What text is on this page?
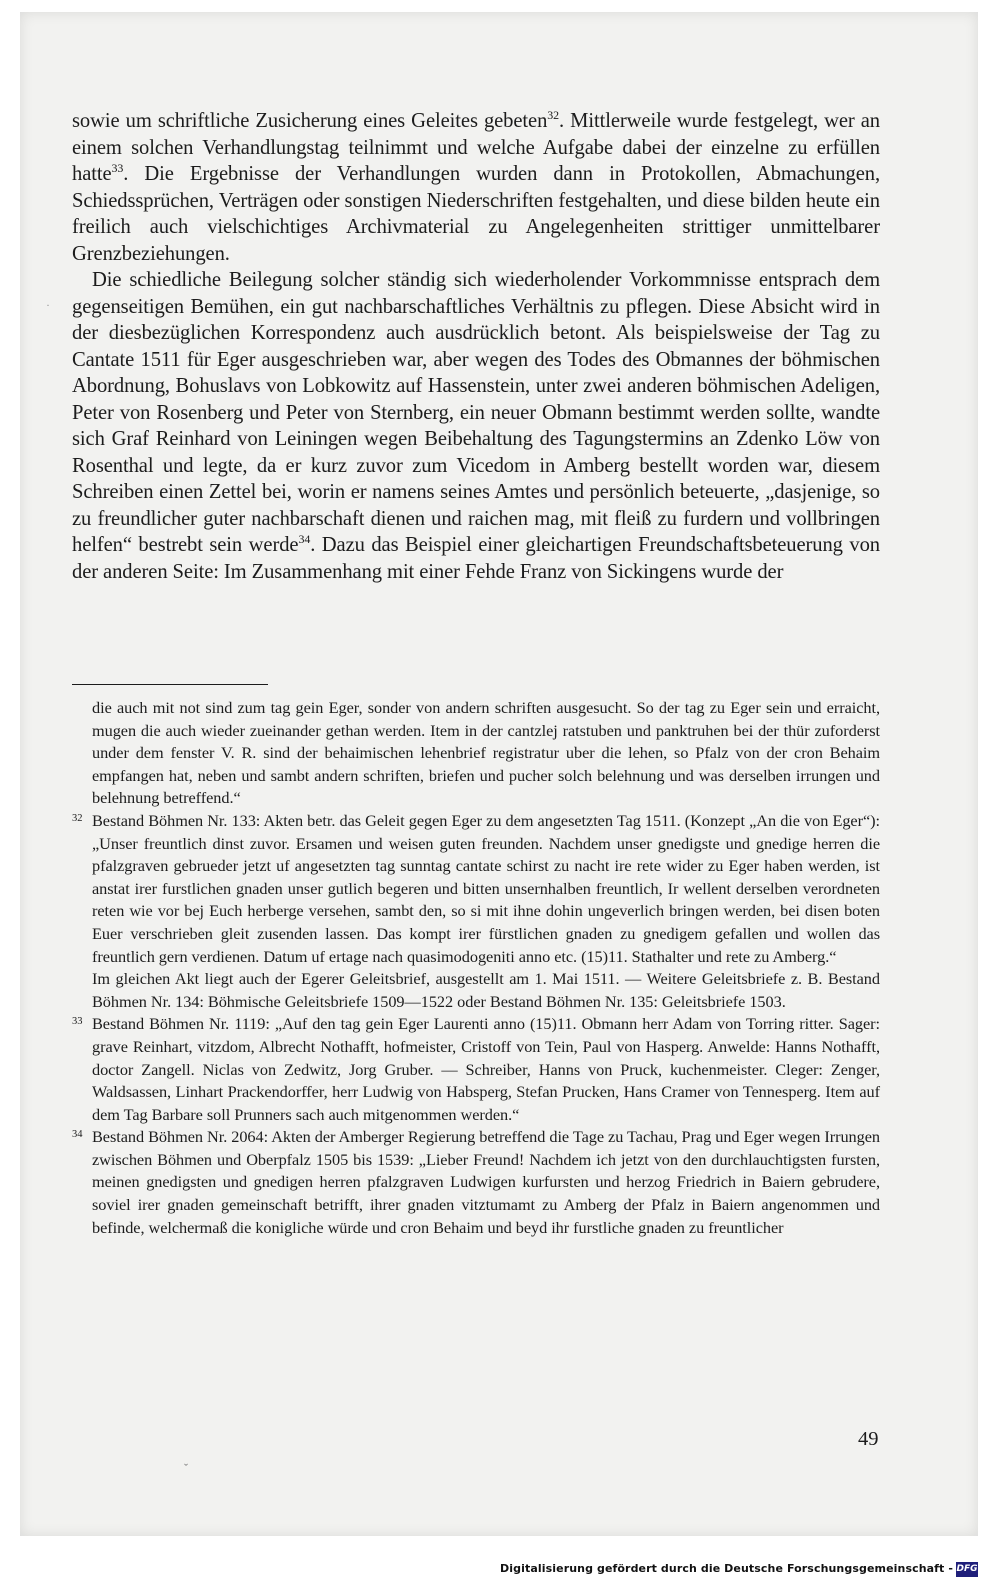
·

sowie um schriftliche Zusicherung eines Geleites gebeten$^{32}$. Mittlerweile wurde festgelegt, wer an einem solchen Verhandlungstag teilnimmt und welche Aufgabe dabei der einzelne zu erfüllen hatte$^{33}$. Die Ergebnisse der Verhandlungen wurden dann in Protokollen, Abmachungen, Schiedssprüchen, Verträgen oder sonstigen Niederschriften festgehalten, und diese bilden heute ein freilich auch vielschichtiges Archivmaterial zu Angelegenheiten strittiger unmittelbarer Grenzbeziehungen.

Die schiedliche Beilegung solcher ständig sich wiederholender Vorkommnisse entsprach dem gegenseitigen Bemühen, ein gut nachbarschaftliches Verhältnis zu pflegen. Diese Absicht wird in der diesbezüglichen Korrespondenz auch ausdrücklich betont. Als beispielsweise der Tag zu Cantate 1511 für Eger ausgeschrieben war, aber wegen des Todes des Obmannes der böhmischen Abordnung, Bohuslavs von Lobkowitz auf Hassenstein, unter zwei anderen böhmischen Adeligen, Peter von Rosenberg und Peter von Sternberg, ein neuer Obmann bestimmt werden sollte, wandte sich Graf Reinhard von Leiningen wegen Beibehaltung des Tagungstermins an Zdenko Löw von Rosenthal und legte, da er kurz zuvor zum Vicedom in Amberg bestellt worden war, diesem Schreiben einen Zettel bei, worin er namens seines Amtes und persönlich beteuerte, „dasjenige, so zu freundlicher guter nachbarschaft dienen und raichen mag, mit fleiß zu furdern und vollbringen helfen“ bestrebt sein werde$^{34}$. Dazu das Beispiel einer gleichartigen Freundschaftsbeteuerung von der anderen Seite: Im Zusammenhang mit einer Fehde Franz von Sickingens wurde der

die auch mit not sind zum tag gein Eger, sonder von andern schriften ausgesucht. So der tag zu Eger sein und erraicht, mugen die auch wieder zueinander gethan werden. Item in der cantzlej ratstuben und panktruhen bei der thür zuforderst under dem fenster V. R. sind der behaimischen lehenbrief registratur uber die lehen, so Pfalz von der cron Behaim empfangen hat, neben und sambt andern schriften, briefen und pucher solch belehnung und was derselben irrungen und belehnung betreffend.“

32 Bestand Böhmen Nr. 133: Akten betr. das Geleit gegen Eger zu dem angesetzten Tag 1511. (Konzept „An die von Eger“): „Unser freuntlich dinst zuvor. Ersamen und weisen guten freunden. Nachdem unser gnedigste und gnedige herren die pfalzgraven gebrueder jetzt uf angesetzten tag sunntag cantate schirst zu nacht ire rete wider zu Eger haben werden, ist anstat irer furstlichen gnaden unser gutlich begeren und bitten unsernhalben freuntlich, Ir wellent derselben verordneten reten wie vor bej Euch herberge versehen, sambt den, so si mit ihne dohin ungeverlich bringen werden, bei disen boten Euer verschrieben gleit zusenden lassen. Das kompt irer fürstlichen gnaden zu gnedigem gefallen und wollen das freuntlich gern verdienen. Datum uf ertage nach quasimodogeniti anno etc. (15)11. Stathalter und rete zu Amberg.“

Im gleichen Akt liegt auch der Egerer Geleitsbrief, ausgestellt am 1. Mai 1511. — Weitere Geleitsbriefe z. B. Bestand Böhmen Nr. 134: Böhmische Geleitsbriefe 1509—1522 oder Bestand Böhmen Nr. 135: Geleitsbriefe 1503.

33 Bestand Böhmen Nr. 1119: „Auf den tag gein Eger Laurenti anno (15)11. Obmann herr Adam von Torring ritter. Sager: grave Reinhart, vitzdom, Albrecht Nothafft, hofmeister, Cristoff von Tein, Paul von Hasperg. Anwelde: Hanns Nothafft, doctor Zangell. Niclas von Zedwitz, Jorg Gruber. — Schreiber, Hanns von Pruck, kuchenmeister. Cleger: Zenger, Waldsassen, Linhart Prackendorffer, herr Ludwig von Habsperg, Stefan Prucken, Hans Cramer von Tennesperg. Item auf dem Tag Barbare soll Prunners sach auch mitgenommen werden.“

34 Bestand Böhmen Nr. 2064: Akten der Amberger Regierung betreffend die Tage zu Tachau, Prag und Eger wegen Irrungen zwischen Böhmen und Oberpfalz 1505 bis 1539: „Lieber Freund! Nachdem ich jetzt von den durchlauchtigsten fursten, meinen gnedigsten und gnedigen herren pfalzgraven Ludwigen kurfursten und herzog Friedrich in Baiern gebrudere, soviel irer gnaden gemeinschaft betrifft, ihrer gnaden vitztumamt zu Amberg der Pfalz in Baiern angenommen und befinde, welchermaß die konigliche würde und cron Behaim und beyd ihr furstliche gnaden zu freuntlicher

49
ˇ
Digitalisierung gefördert durch die Deutsche Forschungsgemeinschaft - DFG
